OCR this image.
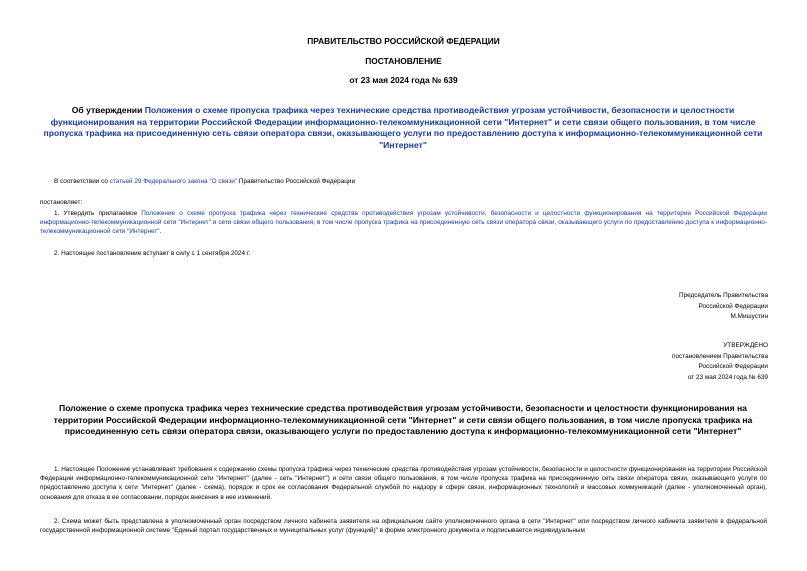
ПРАВИТЕЛЬСТВО РОССИЙСКОЙ ФЕДЕРАЦИИ
ПОСТАНОВЛЕНИЕ
от 23 мая 2024 года № 639
Об утверждении Положения о схеме пропуска трафика через технические средства противодействия угрозам устойчивости, безопасности и целостности функционирования на территории Российской Федерации информационно-телекоммуникационной сети "Интернет" и сети связи общего пользования, в том числе пропуска трафика на присоединенную сеть связи оператора связи, оказывающего услуги по предоставлению доступа к информационно-телекоммуникационной сети "Интернет"
В соответствии со статьей 29 Федерального закона "О связи" Правительство Российской Федерации
постановляет:
1. Утвердить прилагаемое Положение о схеме пропуска трафика через технические средства противодействия угрозам устойчивости, безопасности и целостности функционирования на территории Российской Федерации информационно-телекоммуникационной сети "Интернет" и сети связи общего пользования, в том числе пропуска трафика на присоединенную сеть связи оператора связи, оказывающего услуги по предоставлению доступа к информационно-телекоммуникационной сети "Интернет".
2. Настоящее постановление вступает в силу с 1 сентября 2024 г.
Председатель Правительства
Российской Федерации
М.Мишустин
УТВЕРЖДЕНО
постановлением Правительства
Российской Федерации
от 23 мая 2024 года № 639
Положение о схеме пропуска трафика через технические средства противодействия угрозам устойчивости, безопасности и целостности функционирования на территории Российской Федерации информационно-телекоммуникационной сети "Интернет" и сети связи общего пользования, в том числе пропуска трафика на присоединенную сеть связи оператора связи, оказывающего услуги по предоставлению доступа к информационно-телекоммуникационной сети "Интернет"
1. Настоящее Положение устанавливает требования к содержанию схемы пропуска трафика через технические средства противодействия угрозам устойчивости, безопасности и целостности функционирования на территории Российской Федерации информационно-телекоммуникационной сети "Интернет" (далее - сеть "Интернет") и сети связи общего пользования, в том числе пропуска трафика на присоединенную сеть связи оператора связи, оказывающего услуги по предоставлению доступа к сети "Интернет" (далее - схема), порядок и срок ее согласования Федеральной службой по надзору в сфере связи, информационных технологий и массовых коммуникаций (далее - уполномоченный орган), основания для отказа в ее согласовании, порядок внесения в нее изменений.
2. Схема может быть представлена в уполномоченный орган посредством личного кабинета заявителя на официальном сайте уполномоченного органа в сети "Интернет" или посредством личного кабинета заявителя в федеральной государственной информационной системе "Единый портал государственных и муниципальных услуг (функций)" в форме электронного документа и подписывается индивидуальным
